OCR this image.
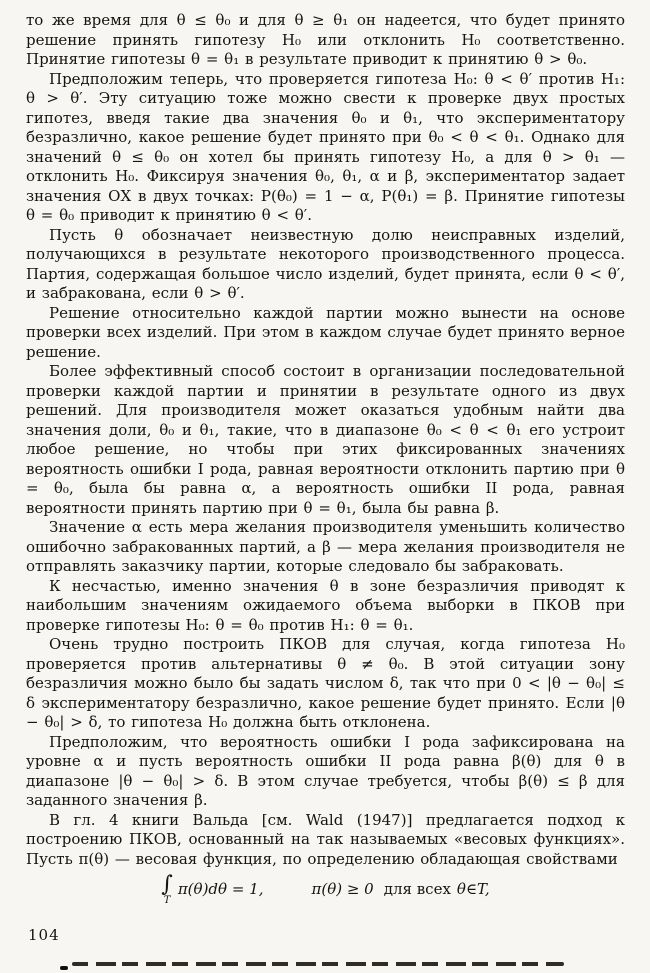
то же время для θ ≤ θ₀ и для θ ≥ θ₁ он надеется, что будет принято решение принять гипотезу H₀ или отклонить H₀ соответственно. Принятие гипотезы θ = θ₁ в результате приводит к принятию θ > θ₀.

Предположим теперь, что проверяется гипотеза H₀: θ < θ′ против H₁: θ > θ′. Эту ситуацию тоже можно свести к проверке двух простых гипотез, введя такие два значения θ₀ и θ₁, что экспериментатору безразлично, какое решение будет принято при θ₀ < θ < θ₁. Однако для значений θ ≤ θ₀ он хотел бы принять гипотезу H₀, а для θ > θ₁ — отклонить H₀. Фиксируя значения θ₀, θ₁, α и β, экспериментатор задает значения ОХ в двух точках: P(θ₀) = 1 − α, P(θ₁) = β. Принятие гипотезы θ = θ₀ приводит к принятию θ < θ′.

Пусть θ обозначает неизвестную долю неисправных изделий, получающихся в результате некоторого производственного процесса. Партия, содержащая большое число изделий, будет принята, если θ < θ′, и забракована, если θ > θ′.

Решение относительно каждой партии можно вынести на основе проверки всех изделий. При этом в каждом случае будет принято верное решение.

Более эффективный способ состоит в организации последовательной проверки каждой партии и принятии в результате одного из двух решений. Для производителя может оказаться удобным найти два значения доли, θ₀ и θ₁, такие, что в диапазоне θ₀ < θ < θ₁ его устроит любое решение, но чтобы при этих фиксированных значениях вероятность ошибки I рода, равная вероятности отклонить партию при θ = θ₀, была бы равна α, а вероятность ошибки II рода, равная вероятности принять партию при θ = θ₁, была бы равна β.

Значение α есть мера желания производителя уменьшить количество ошибочно забракованных партий, а β — мера желания производителя не отправлять заказчику партии, которые следовало бы забраковать.

К несчастью, именно значения θ в зоне безразличия приводят к наибольшим значениям ожидаемого объема выборки в ПКОВ при проверке гипотезы H₀: θ = θ₀ против H₁: θ = θ₁.

Очень трудно построить ПКОВ для случая, когда гипотеза H₀ проверяется против альтернативы θ ≠ θ₀. В этой ситуации зону безразличия можно было бы задать числом δ, так что при 0 < |θ − θ₀| ≤ δ экспериментатору безразлично, какое решение будет принято. Если |θ − θ₀| > δ, то гипотеза H₀ должна быть отклонена.

Предположим, что вероятность ошибки I рода зафиксирована на уровне α и пусть вероятность ошибки II рода равна β(θ) для θ в диапазоне |θ − θ₀| > δ. В этом случае требуется, чтобы β(θ) ≤ β для заданного значения β.

В гл. 4 книги Вальда [см. Wald (1947)] предлагается подход к построению ПКОВ, основанный на так называемых «весовых функциях». Пусть π(θ) — весовая функция, по определению обладающая свойствами

∫
T
π(θ)dθ = 1,	π(θ) ≥ 0 для всех θ∈T,
104
